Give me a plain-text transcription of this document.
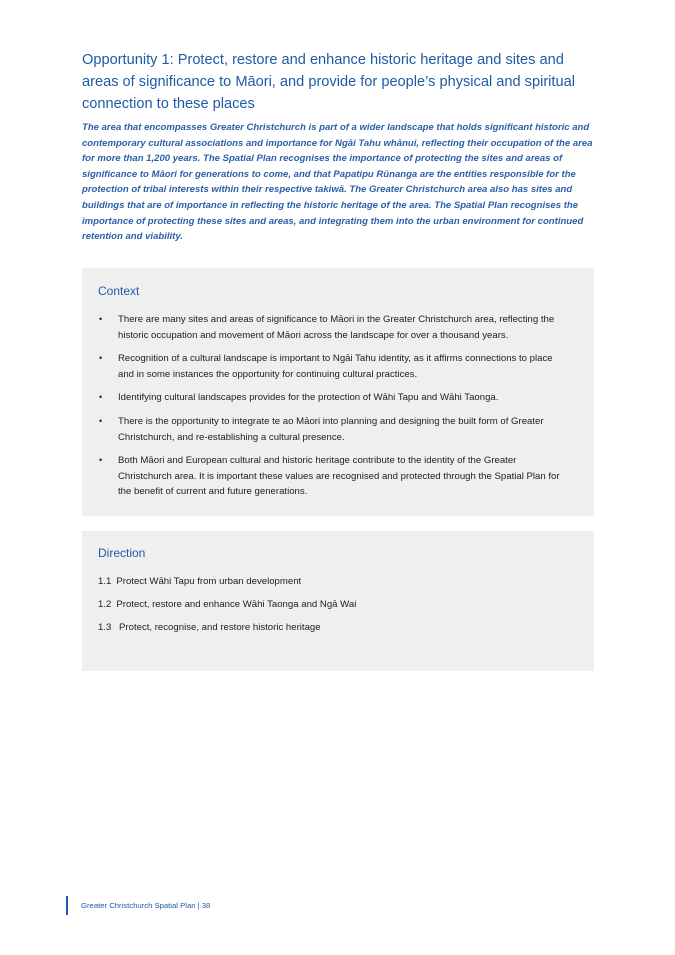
Opportunity 1: Protect, restore and enhance historic heritage and sites and areas of significance to Māori, and provide for people’s physical and spiritual connection to these places

The area that encompasses Greater Christchurch is part of a wider landscape that holds significant historic and contemporary cultural associations and importance for Ngāi Tahu whānui, reflecting their occupation of the area for more than 1,200 years. The Spatial Plan recognises the importance of protecting the sites and areas of significance to Māori for generations to come, and that Papatipu Rūnanga are the entities responsible for the protection of tribal interests within their respective takiwā. The Greater Christchurch area also has sites and buildings that are of importance in reflecting the historic heritage of the area. The Spatial Plan recognises the importance of protecting these sites and areas, and integrating them into the urban environment for continued retention and viability.

Context
• There are many sites and areas of significance to Māori in the Greater Christchurch area, reflecting the historic occupation and movement of Māori across the landscape for over a thousand years.
• Recognition of a cultural landscape is important to Ngāi Tahu identity, as it affirms connections to place and in some instances the opportunity for continuing cultural practices.
• Identifying cultural landscapes provides for the protection of Wāhi Tapu and Wāhi Taonga.
• There is the opportunity to integrate te ao Māori into planning and designing the built form of Greater Christchurch, and re-establishing a cultural presence.
• Both Māori and European cultural and historic heritage contribute to the identity of the Greater Christchurch area. It is important these values are recognised and protected through the Spatial Plan for the benefit of current and future generations.
Direction
1.1 Protect Wāhi Tapu from urban development
1.2 Protect, restore and enhance Wāhi Taonga and Ngā Wai
1.3 Protect, recognise, and restore historic heritage
Greater Christchurch Spatial Plan | 38
